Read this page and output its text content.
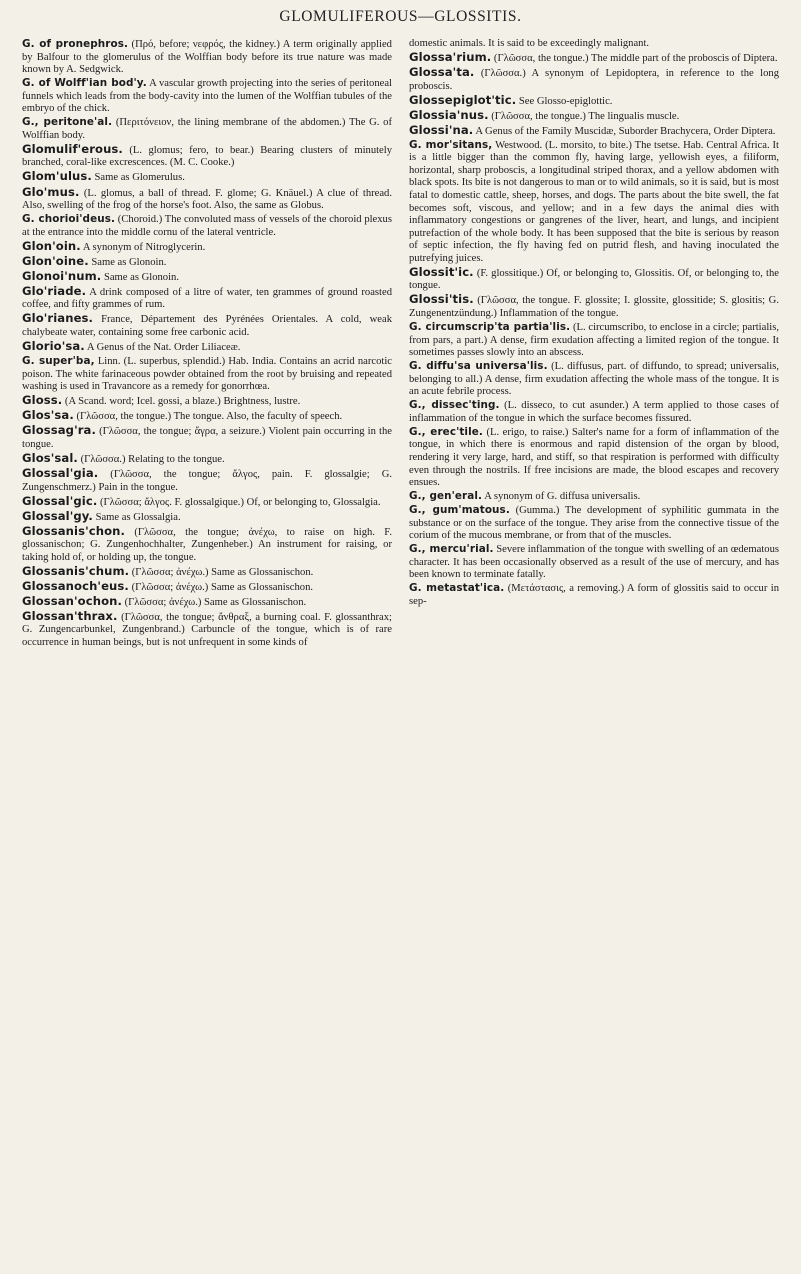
GLOMULIFEROUS—GLOSSITIS.

G. of pronephros. (Πρό, before; νεφρός, the kidney.) A term originally applied by Balfour to the glomerulus of the Wolffian body before its true nature was made known by A. Sedgwick.

G. of Wolff'ian bod'y. A vascular growth projecting into the series of peritoneal funnels which leads from the body-cavity into the lumen of the Wolffian tubules of the embryo of the chick.

G., peritone'al. (Περιτόνειον, the lining membrane of the abdomen.) The G. of Wolffian body.

Glomulif'erous. (L. glomus; fero, to bear.) Bearing clusters of minutely branched, coral-like excrescences. (M. C. Cooke.)

Glom'ulus. Same as Glomerulus.

Glo'mus. (L. glomus, a ball of thread. F. glome; G. Knäuel.) A clue of thread. Also, swelling of the frog of the horse's foot. Also, the same as Globus.

G. chorioi'deus. (Choroid.) The convoluted mass of vessels of the choroid plexus at the entrance into the middle cornu of the lateral ventricle.

Glon'oin. A synonym of Nitroglycerin.

Glon'oine. Same as Glonoin.

Glonoi'num. Same as Glonoin.

Glo'riade. A drink composed of a litre of water, ten grammes of ground roasted coffee, and fifty grammes of rum.

Glo'rianes. France, Département des Pyrénées Orientales. A cold, weak chalybeate water, containing some free carbonic acid.

Glorio'sa. A Genus of the Nat. Order Liliaceæ.

G. super'ba, Linn. (L. superbus, splendid.) Hab. India. Contains an acrid narcotic poison. The white farinaceous powder obtained from the root by bruising and repeated washing is used in Travancore as a remedy for gonorrhœa.

Gloss. (A Scand. word; Icel. gossi, a blaze.) Brightness, lustre.

Glos'sa. (Γλῶσσα, the tongue.) The tongue. Also, the faculty of speech.

Glossag'ra. (Γλῶσσα, the tongue; ἄγρα, a seizure.) Violent pain occurring in the tongue.

Glos'sal. (Γλῶσσα.) Relating to the tongue.

Glossal'gia. (Γλῶσσα, the tongue; ἄλγος, pain. F. glossalgie; G. Zungenschmerz.) Pain in the tongue.

Glossal'gic. (Γλῶσσα; ἄλγος. F. glossalgique.) Of, or belonging to, Glossalgia.

Glossal'gy. Same as Glossalgia.

Glossanis'chon. (Γλῶσσα, the tongue; ἀνέχω, to raise on high. F. glossanischon; G. Zungenhochhalter, Zungenheber.) An instrument for raising, or taking hold of, or holding up, the tongue.

Glossanis'chum. (Γλῶσσα; ἀνέχω.) Same as Glossanischon.

Glossanoch'eus. (Γλῶσσα; ἀνέχω.) Same as Glossanischon.

Glossan'ochon. (Γλῶσσα; ἀνέχω.) Same as Glossanischon.

Glossan'thrax. (Γλῶσσα, the tongue; ἄνθραξ, a burning coal. F. glossanthrax; G. Zungencarbunkel, Zungenbrand.) Carbuncle of the tongue, which is of rare occurrence in human beings, but is not unfrequent in some kinds of

domestic animals. It is said to be exceedingly malignant.

Glossa'rium. (Γλῶσσα, the tongue.) The middle part of the proboscis of Diptera.

Glossa'ta. (Γλῶσσα.) A synonym of Lepidoptera, in reference to the long proboscis.

Glossepiglot'tic. See Glosso-epiglottic.

Glossia'nus. (Γλῶσσα, the tongue.) The lingualis muscle.

Glossi'na. A Genus of the Family Muscidæ, Suborder Brachycera, Order Diptera.

G. mor'sitans, Westwood. (L. morsito, to bite.) The tsetse. Hab. Central Africa. It is a little bigger than the common fly, having large, yellowish eyes, a filiform, horizontal, sharp proboscis, a longitudinal striped thorax, and a yellow abdomen with black spots. Its bite is not dangerous to man or to wild animals, so it is said, but is most fatal to domestic cattle, sheep, horses, and dogs. The parts about the bite swell, the fat becomes soft, viscous, and yellow; and in a few days the animal dies with inflammatory congestions or gangrenes of the liver, heart, and lungs, and incipient putrefaction of the whole body. It has been supposed that the bite is serious by reason of septic infection, the fly having fed on putrid flesh, and having inoculated the putrefying juices.

Glossit'ic. (F. glossitique.) Of, or belonging to, Glossitis. Of, or belonging to, the tongue.

Glossi'tis. (Γλῶσσα, the tongue. F. glossite; I. glossite, glossitide; S. glositis; G. Zungenentzündung.) Inflammation of the tongue.

G. circumscrip'ta partia'lis. (L. circumscribo, to enclose in a circle; partialis, from pars, a part.) A dense, firm exudation affecting a limited region of the tongue. It sometimes passes slowly into an abscess.

G. diffu'sa universa'lis. (L. diffusus, part. of diffundo, to spread; universalis, belonging to all.) A dense, firm exudation affecting the whole mass of the tongue. It is an acute febrile process.

G., dissec'ting. (L. disseco, to cut asunder.) A term applied to those cases of inflammation of the tongue in which the surface becomes fissured.

G., erec'tile. (L. erigo, to raise.) Salter's name for a form of inflammation of the tongue, in which there is enormous and rapid distension of the organ by blood, rendering it very large, hard, and stiff, so that respiration is performed with difficulty even through the nostrils. If free incisions are made, the blood escapes and recovery ensues.

G., gen'eral. A synonym of G. diffusa universalis.

G., gum'matous. (Gumma.) The development of syphilitic gummata in the substance or on the surface of the tongue. They arise from the connective tissue of the corium of the mucous membrane, or from that of the muscles.

G., mercu'rial. Severe inflammation of the tongue with swelling of an œdematous character. It has been occasionally observed as a result of the use of mercury, and has been known to terminate fatally.

G. metastat'ica. (Μετάστασις, a removing.) A form of glossitis said to occur in sep-
